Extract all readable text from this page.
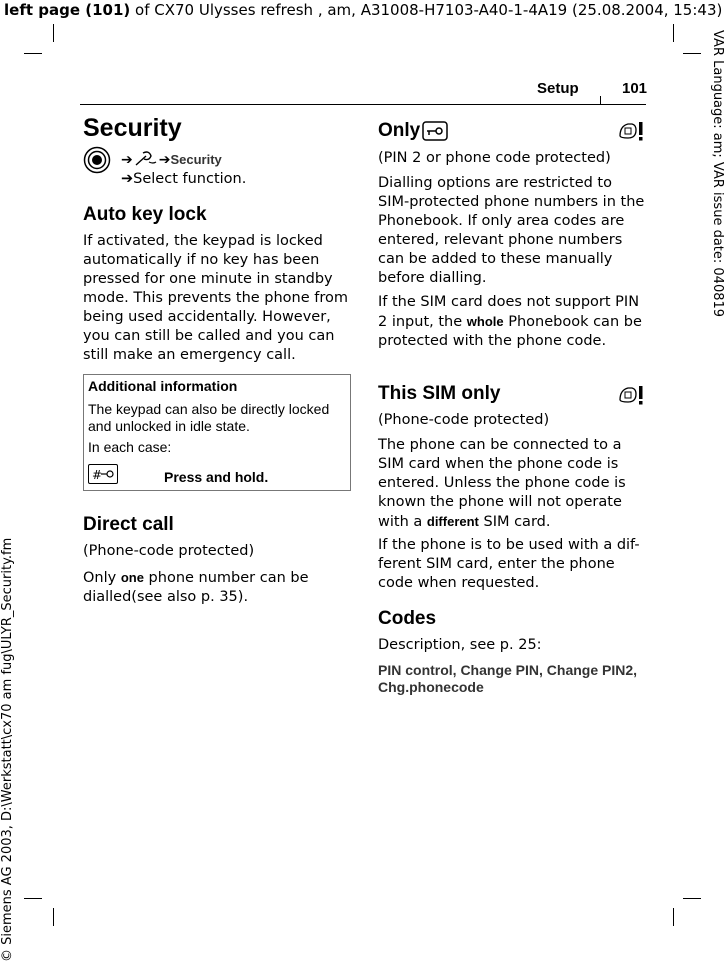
left page (101) of CX70 Ulysses refresh , am, A31008-H7103-A40-1-4A19 (25.08.2004, 15:43)
© Siemens AG 2003, D:\Werkstatt\cx70 am fug\ULYR_Security.fm
VAR Language: am; VAR issue date: 040819
Setup	101
Security
➔ ➔Security
➔Select function.
Auto key lock
If activated, the keypad is locked automatically if no key has been pressed for one minute in standby mode. This prevents the phone from being used accidentally. However, you can still be called and you can still make an emergency call.
Additional information
The keypad can also be directly locked and unlocked in idle state.
In each case:
#	Press and hold.
Direct call
(Phone-code protected)
Only one phone number can be dialled(see also p. 35).
Only
(PIN 2 or phone code protected)
Dialling options are restricted to SIM-protected phone numbers in the Phonebook. If only area codes are entered, relevant phone numbers can be added to these manually before dialling.
If the SIM card does not support PIN 2 input, the whole Phonebook can be protected with the phone code.
This SIM only
(Phone-code protected)
The phone can be connected to a SIM card when the phone code is entered. Unless the phone code is known the phone will not operate with a different SIM card.
If the phone is to be used with a dif-ferent SIM card, enter the phone code when requested.
Codes
Description, see p. 25:
PIN control, Change PIN, Change PIN2, Chg.phonecode
